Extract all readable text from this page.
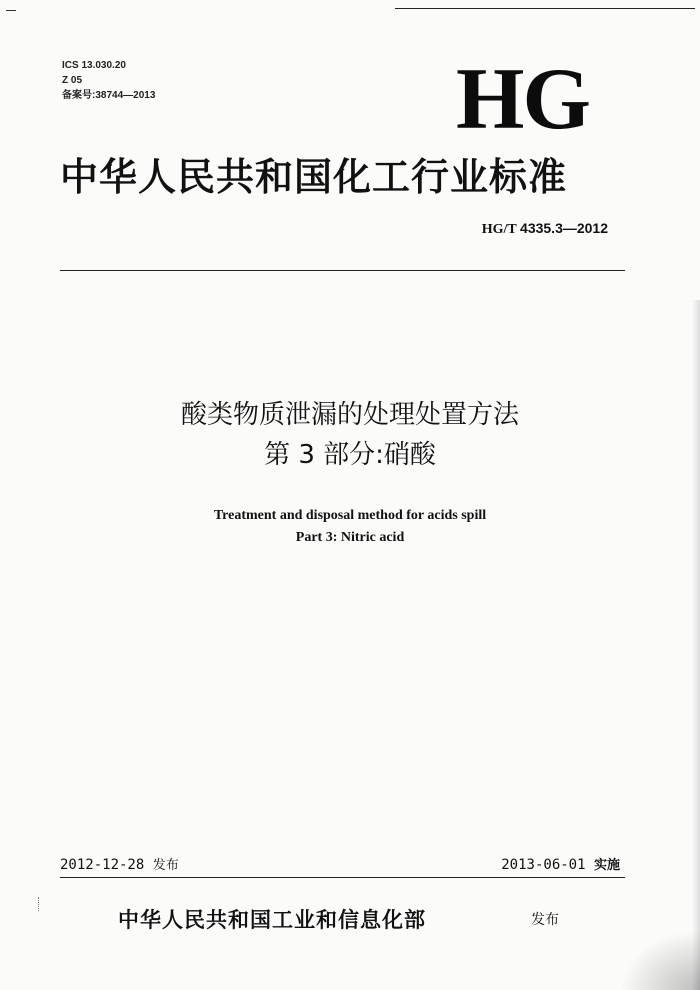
ICS 13.030.20
Z 05
备案号:38744—2013	HG
中华人民共和国化工行业标准
HG/T 4335.3—2012
酸类物质泄漏的处理处置方法
第 3 部分:硝酸
Treatment and disposal method for acids spill
Part 3: Nitric acid
2012-12-28 发布	2013-06-01 实施
中华人民共和国工业和信息化部	发布
